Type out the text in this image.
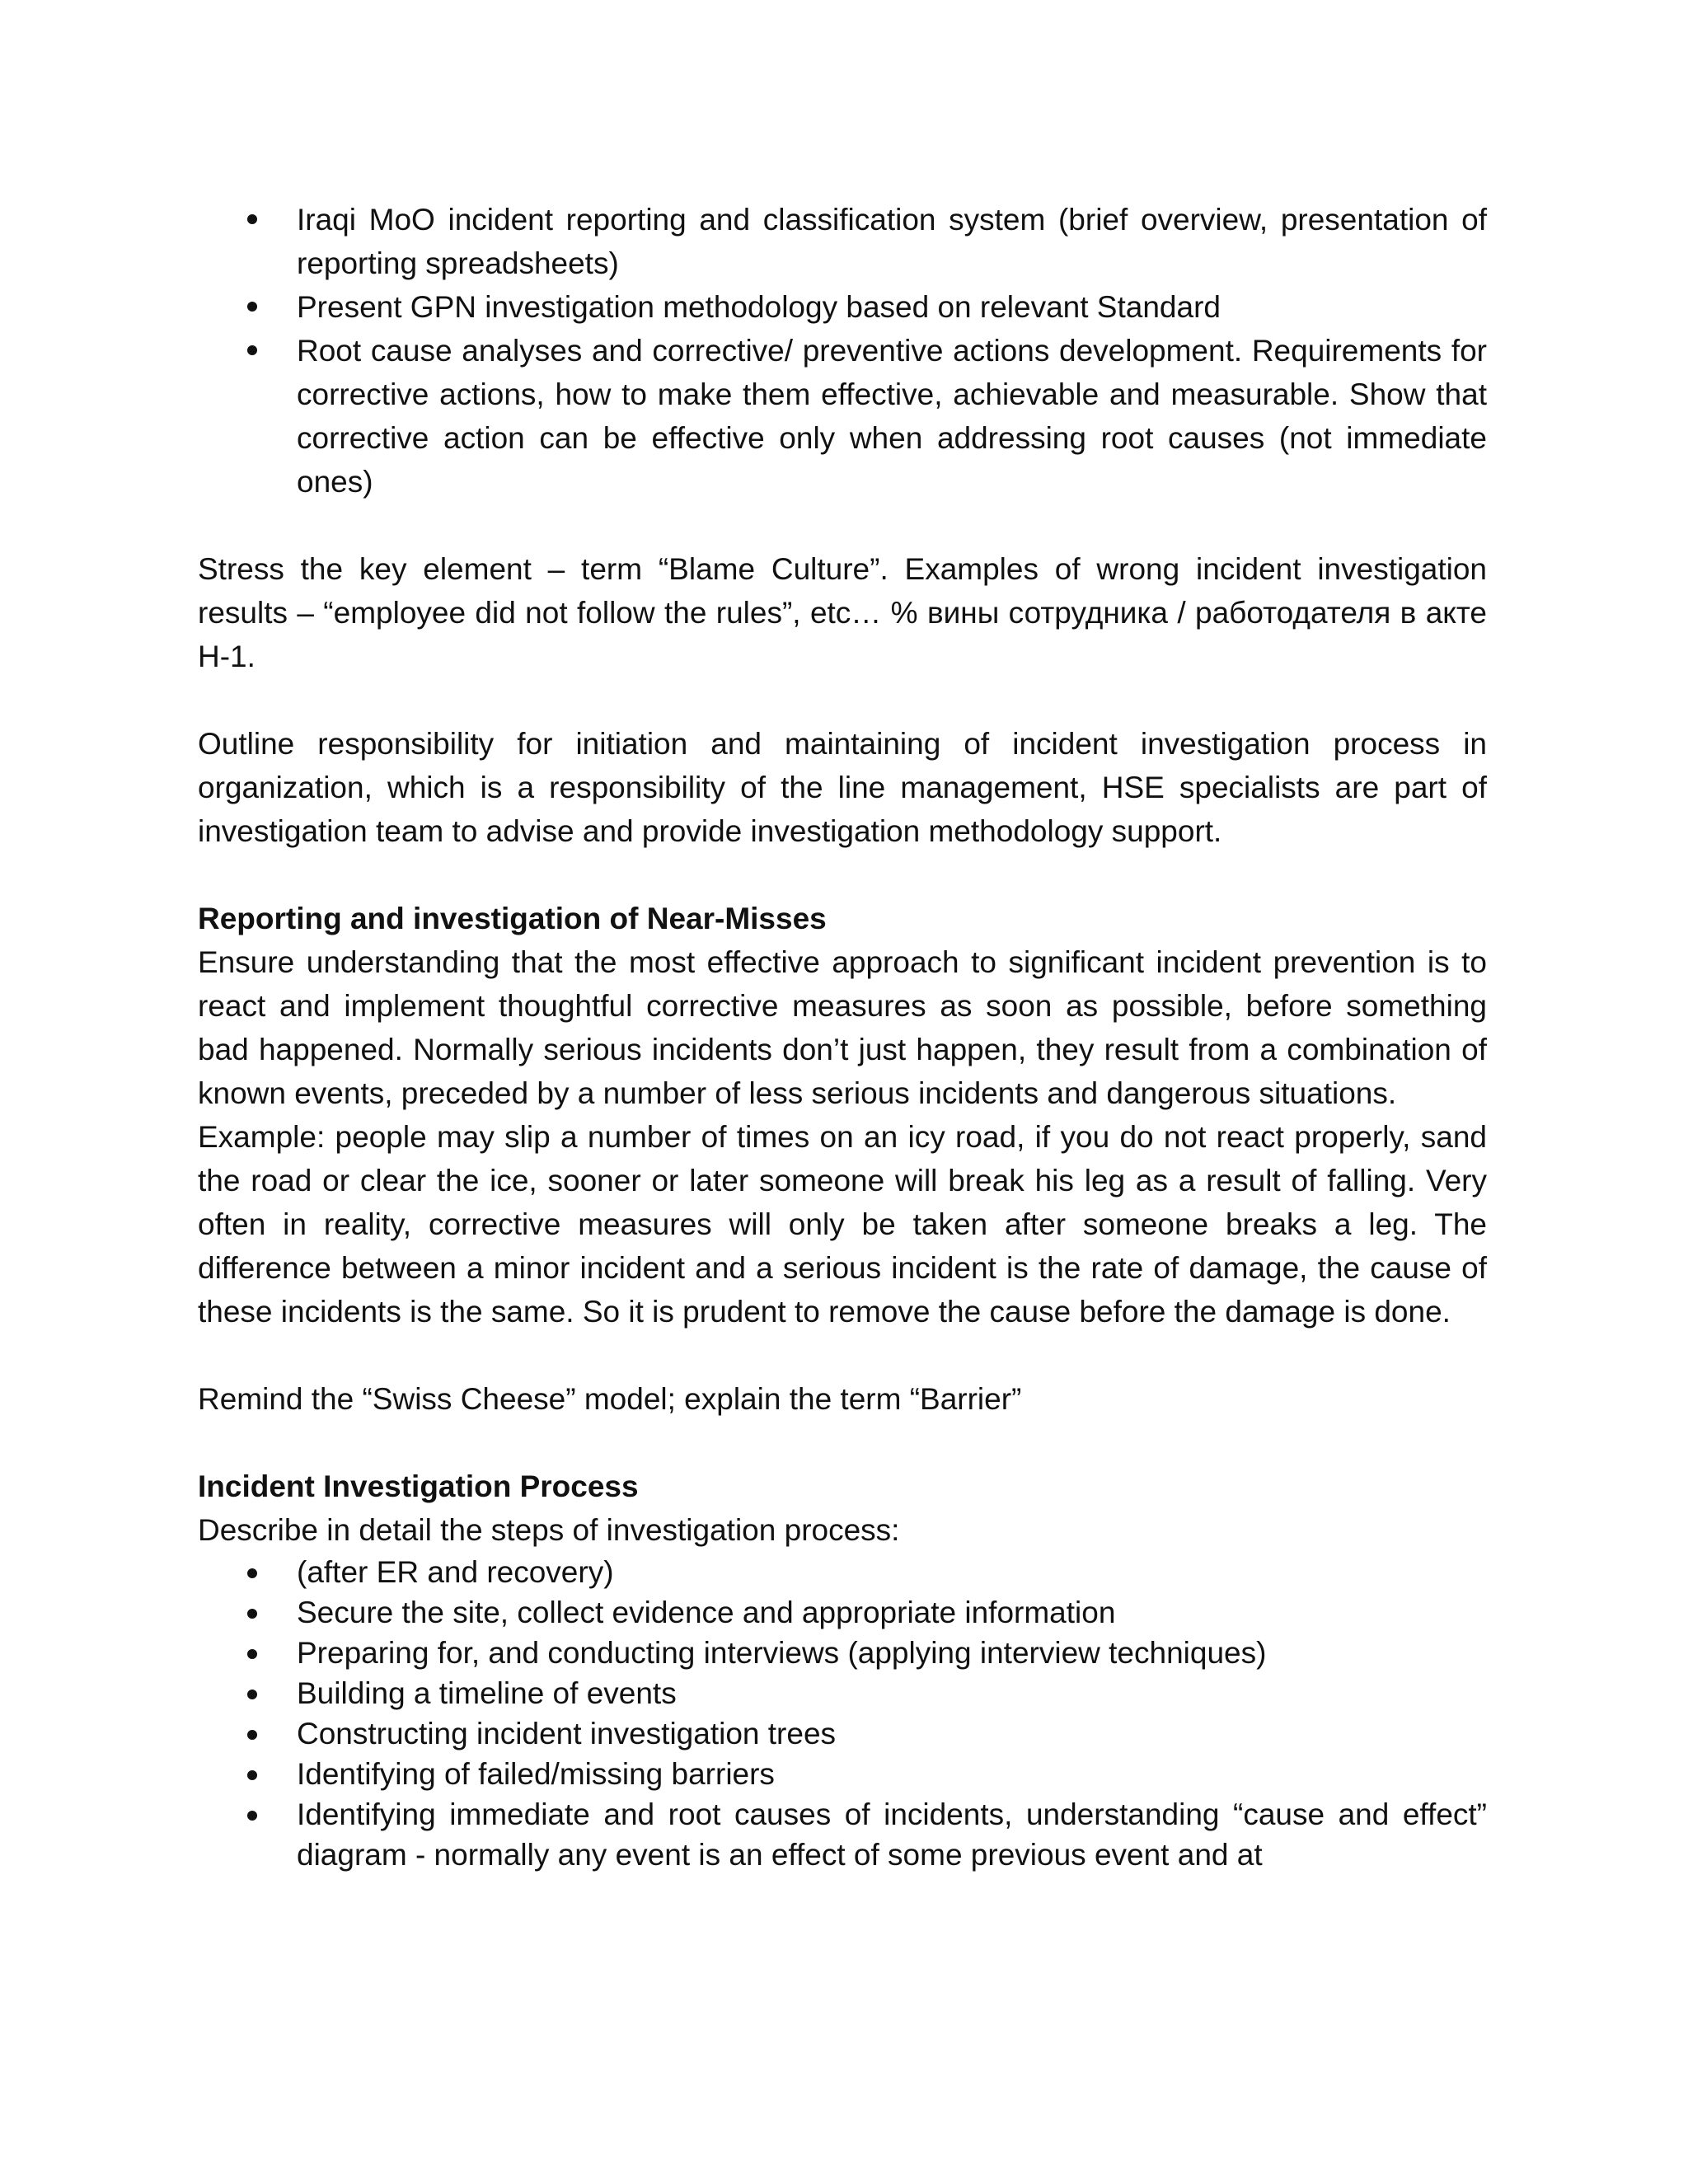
Iraqi MoO incident reporting and classification system (brief overview, presentation of reporting spreadsheets)
Present GPN investigation methodology based on relevant Standard
Root cause analyses and corrective/ preventive actions development. Requirements for corrective actions, how to make them effective, achievable and measurable. Show that corrective action can be effective only when addressing root causes (not immediate ones)

Stress the key element – term “Blame Culture”. Examples of wrong incident investigation results – “employee did not follow the rules”, etc… % вины сотрудника / работодателя в акте Н-1.

Outline responsibility for initiation and maintaining of incident investigation process in organization, which is a responsibility of the line management, HSE specialists are part of investigation team to advise and provide investigation methodology support.

Reporting and investigation of Near-Misses

Ensure understanding that the most effective approach to significant incident prevention is to react and implement thoughtful corrective measures as soon as possible, before something bad happened. Normally serious incidents don’t just happen, they result from a combination of known events, preceded by a number of less serious incidents and dangerous situations.

Example: people may slip a number of times on an icy road, if you do not react properly, sand the road or clear the ice, sooner or later someone will break his leg as a result of falling. Very often in reality, corrective measures will only be taken after someone breaks a leg. The difference between a minor incident and a serious incident is the rate of damage, the cause of these incidents is the same. So it is prudent to remove the cause before the damage is done.

Remind the “Swiss Cheese” model; explain the term “Barrier”

Incident Investigation Process

Describe in detail the steps of investigation process:

(after ER and recovery)
Secure the site, collect evidence and appropriate information
Preparing for, and conducting interviews (applying interview techniques)
Building a timeline of events
Constructing incident investigation trees
Identifying of failed/missing barriers
Identifying immediate and root causes of incidents, understanding “cause and effect” diagram - normally any event is an effect of some previous event and at
